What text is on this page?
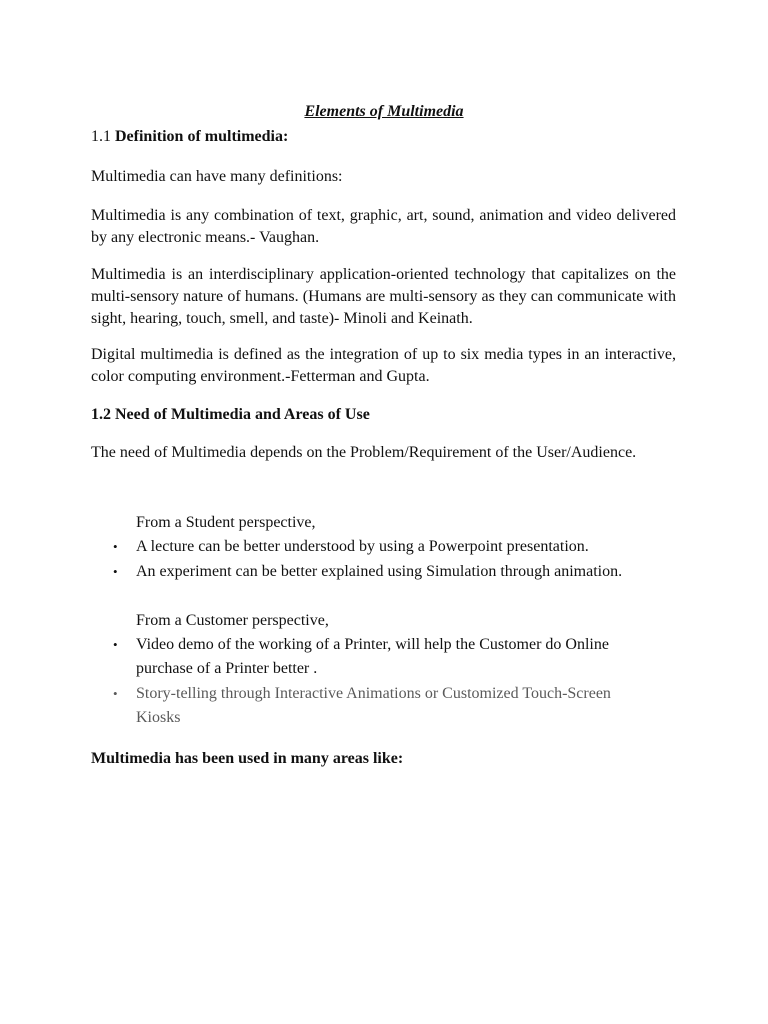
Elements of Multimedia
1.1 Definition of multimedia:
Multimedia can have many definitions:
Multimedia is any combination of text, graphic, art, sound, animation and video delivered by any electronic means.- Vaughan.
Multimedia is an interdisciplinary application-oriented technology that capitalizes on the multi-sensory nature of humans. (Humans are multi-sensory as they can communicate with sight, hearing, touch, smell, and taste)- Minoli and Keinath.
Digital multimedia is defined as the integration of up to six media types in an interactive, color computing environment.-Fetterman and Gupta.
1.2 Need of Multimedia and Areas of Use
The need of Multimedia depends on the Problem/Requirement of the User/Audience.
From a Student perspective,
•	A lecture can be better understood by using a Powerpoint presentation.
•	An experiment can be better explained using Simulation through animation.
From a Customer perspective,
•	Video demo of the working of a Printer, will help the Customer do Online purchase of a Printer better .
•	Story-telling through Interactive Animations or Customized Touch-Screen Kiosks
Multimedia has been used in many areas like:
